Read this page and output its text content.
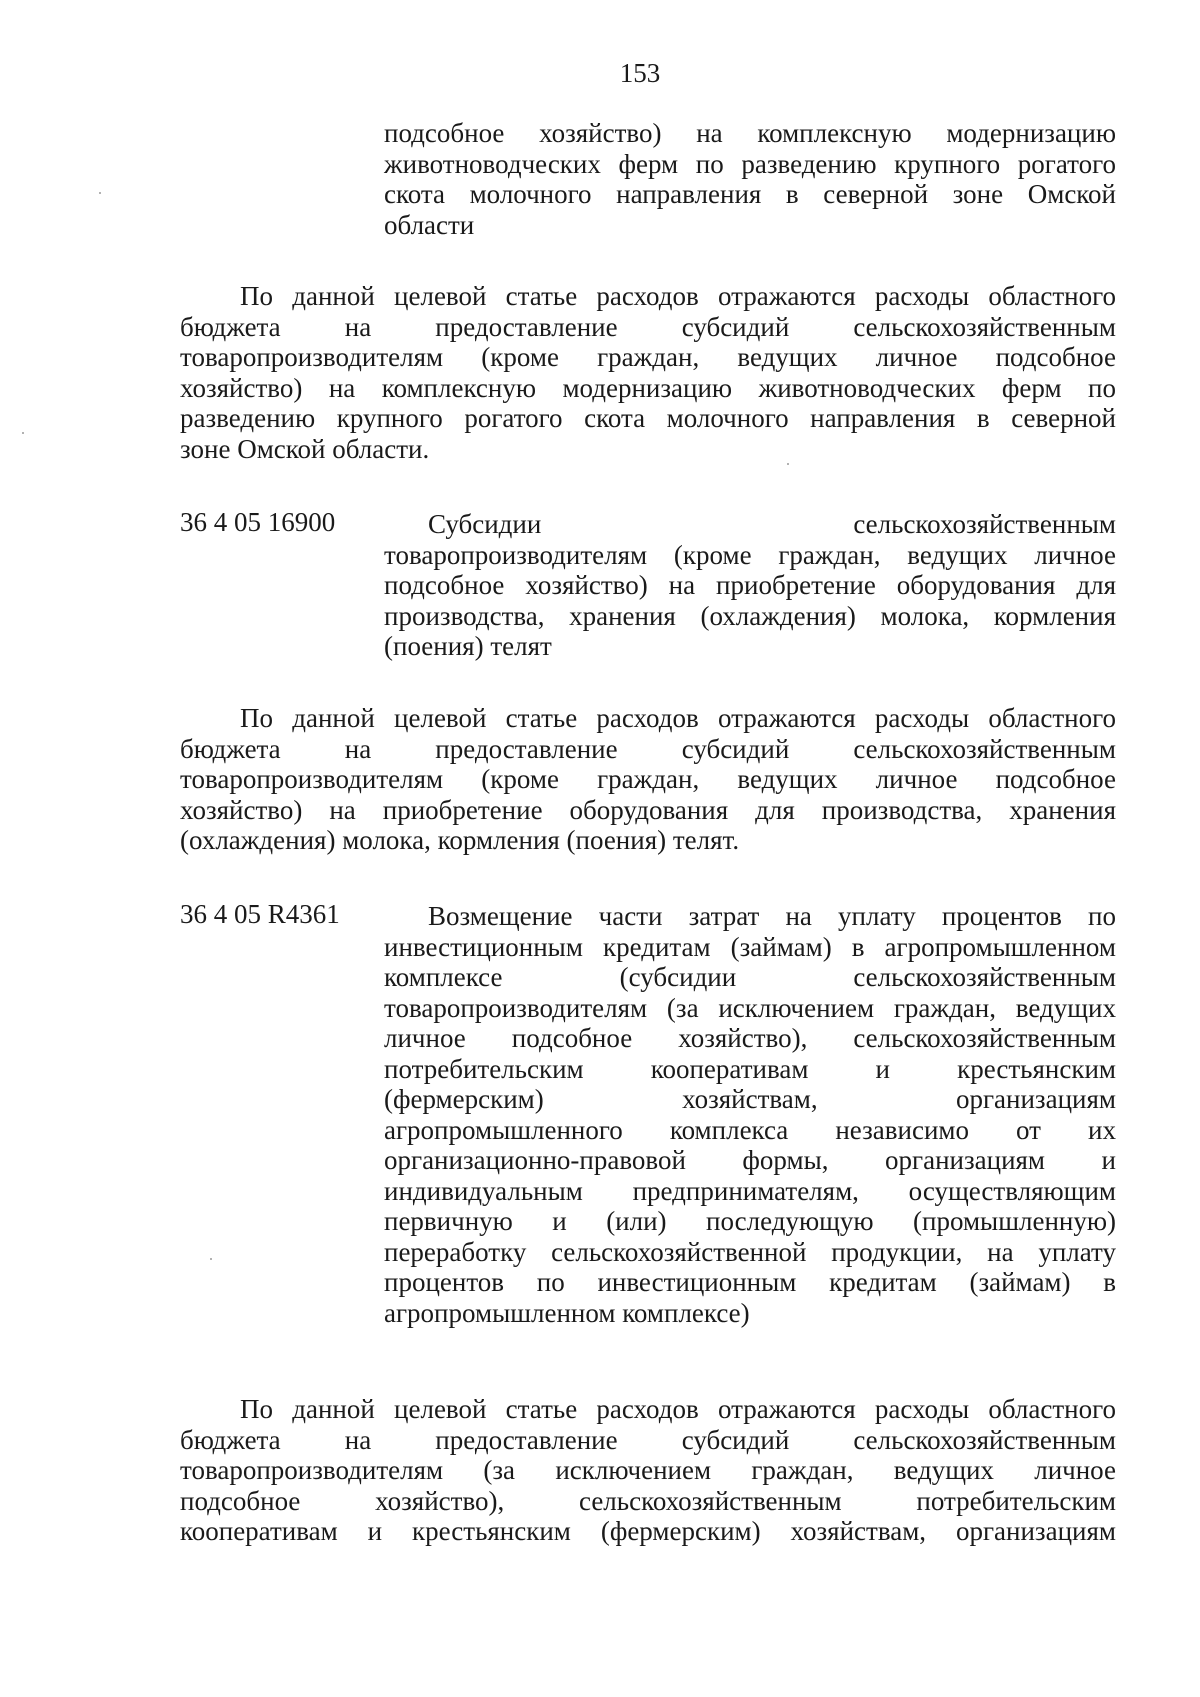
153
подсобное хозяйство) на комплексную модернизацию
животноводческих ферм по разведению крупного рогатого
скота молочного направления в северной зоне Омской
области
По данной целевой статье расходов отражаются расходы областного
бюджета на предоставление субсидий сельскохозяйственным
товаропроизводителям (кроме граждан, ведущих личное подсобное
хозяйство) на комплексную модернизацию животноводческих ферм по
разведению крупного рогатого скота молочного направления в северной
зоне Омской области.
36 4 05 16900	Субсидии сельскохозяйственным
товаропроизводителям (кроме граждан, ведущих личное
подсобное хозяйство) на приобретение оборудования для
производства, хранения (охлаждения) молока, кормления
(поения) телят
По данной целевой статье расходов отражаются расходы областного
бюджета на предоставление субсидий сельскохозяйственным
товаропроизводителям (кроме граждан, ведущих личное подсобное
хозяйство) на приобретение оборудования для производства, хранения
(охлаждения) молока, кормления (поения) телят.
36 4 05 R4361	Возмещение части затрат на уплату процентов по
инвестиционным кредитам (займам) в агропромышленном
комплексе (субсидии сельскохозяйственным
товаропроизводителям (за исключением граждан, ведущих
личное подсобное хозяйство), сельскохозяйственным
потребительским кооперативам и крестьянским
(фермерским) хозяйствам, организациям
агропромышленного комплекса независимо от их
организационно-правовой формы, организациям и
индивидуальным предпринимателям, осуществляющим
первичную и (или) последующую (промышленную)
переработку сельскохозяйственной продукции, на уплату
процентов по инвестиционным кредитам (займам) в
агропромышленном комплексе)
По данной целевой статье расходов отражаются расходы областного
бюджета на предоставление субсидий сельскохозяйственным
товаропроизводителям (за исключением граждан, ведущих личное
подсобное хозяйство), сельскохозяйственным потребительским
кооперативам и крестьянским (фермерским) хозяйствам, организациям
